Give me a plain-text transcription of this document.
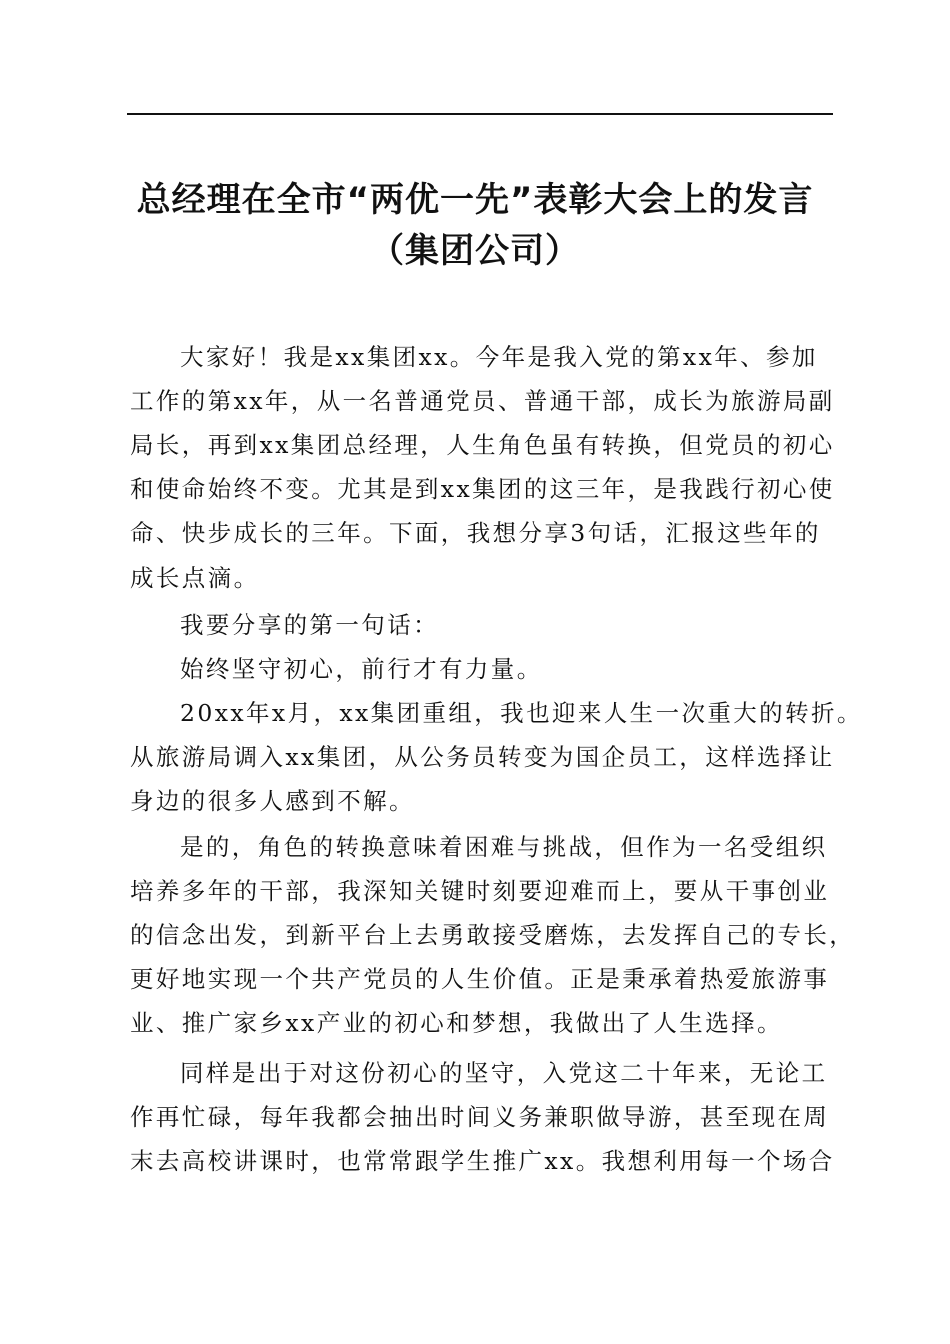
总经理在全市“两优一先”表彰大会上的发言
（集团公司）
大家好！我是xx集团xx。今年是我入党的第xx年、参加
工作的第xx年，从一名普通党员、普通干部，成长为旅游局副
局长，再到xx集团总经理，人生角色虽有转换，但党员的初心
和使命始终不变。尤其是到xx集团的这三年，是我践行初心使
命、快步成长的三年。下面，我想分享3句话，汇报这些年的
成长点滴。
我要分享的第一句话：
始终坚守初心，前行才有力量。
20xx年x月，xx集团重组，我也迎来人生一次重大的转折。
从旅游局调入xx集团，从公务员转变为国企员工，这样选择让
身边的很多人感到不解。
是的，角色的转换意味着困难与挑战，但作为一名受组织
培养多年的干部，我深知关键时刻要迎难而上，要从干事创业
的信念出发，到新平台上去勇敢接受磨炼，去发挥自己的专长，
更好地实现一个共产党员的人生价值。正是秉承着热爱旅游事
业、推广家乡xx产业的初心和梦想，我做出了人生选择。
同样是出于对这份初心的坚守，入党这二十年来，无论工
作再忙碌，每年我都会抽出时间义务兼职做导游，甚至现在周
末去高校讲课时，也常常跟学生推广xx。我想利用每一个场合
